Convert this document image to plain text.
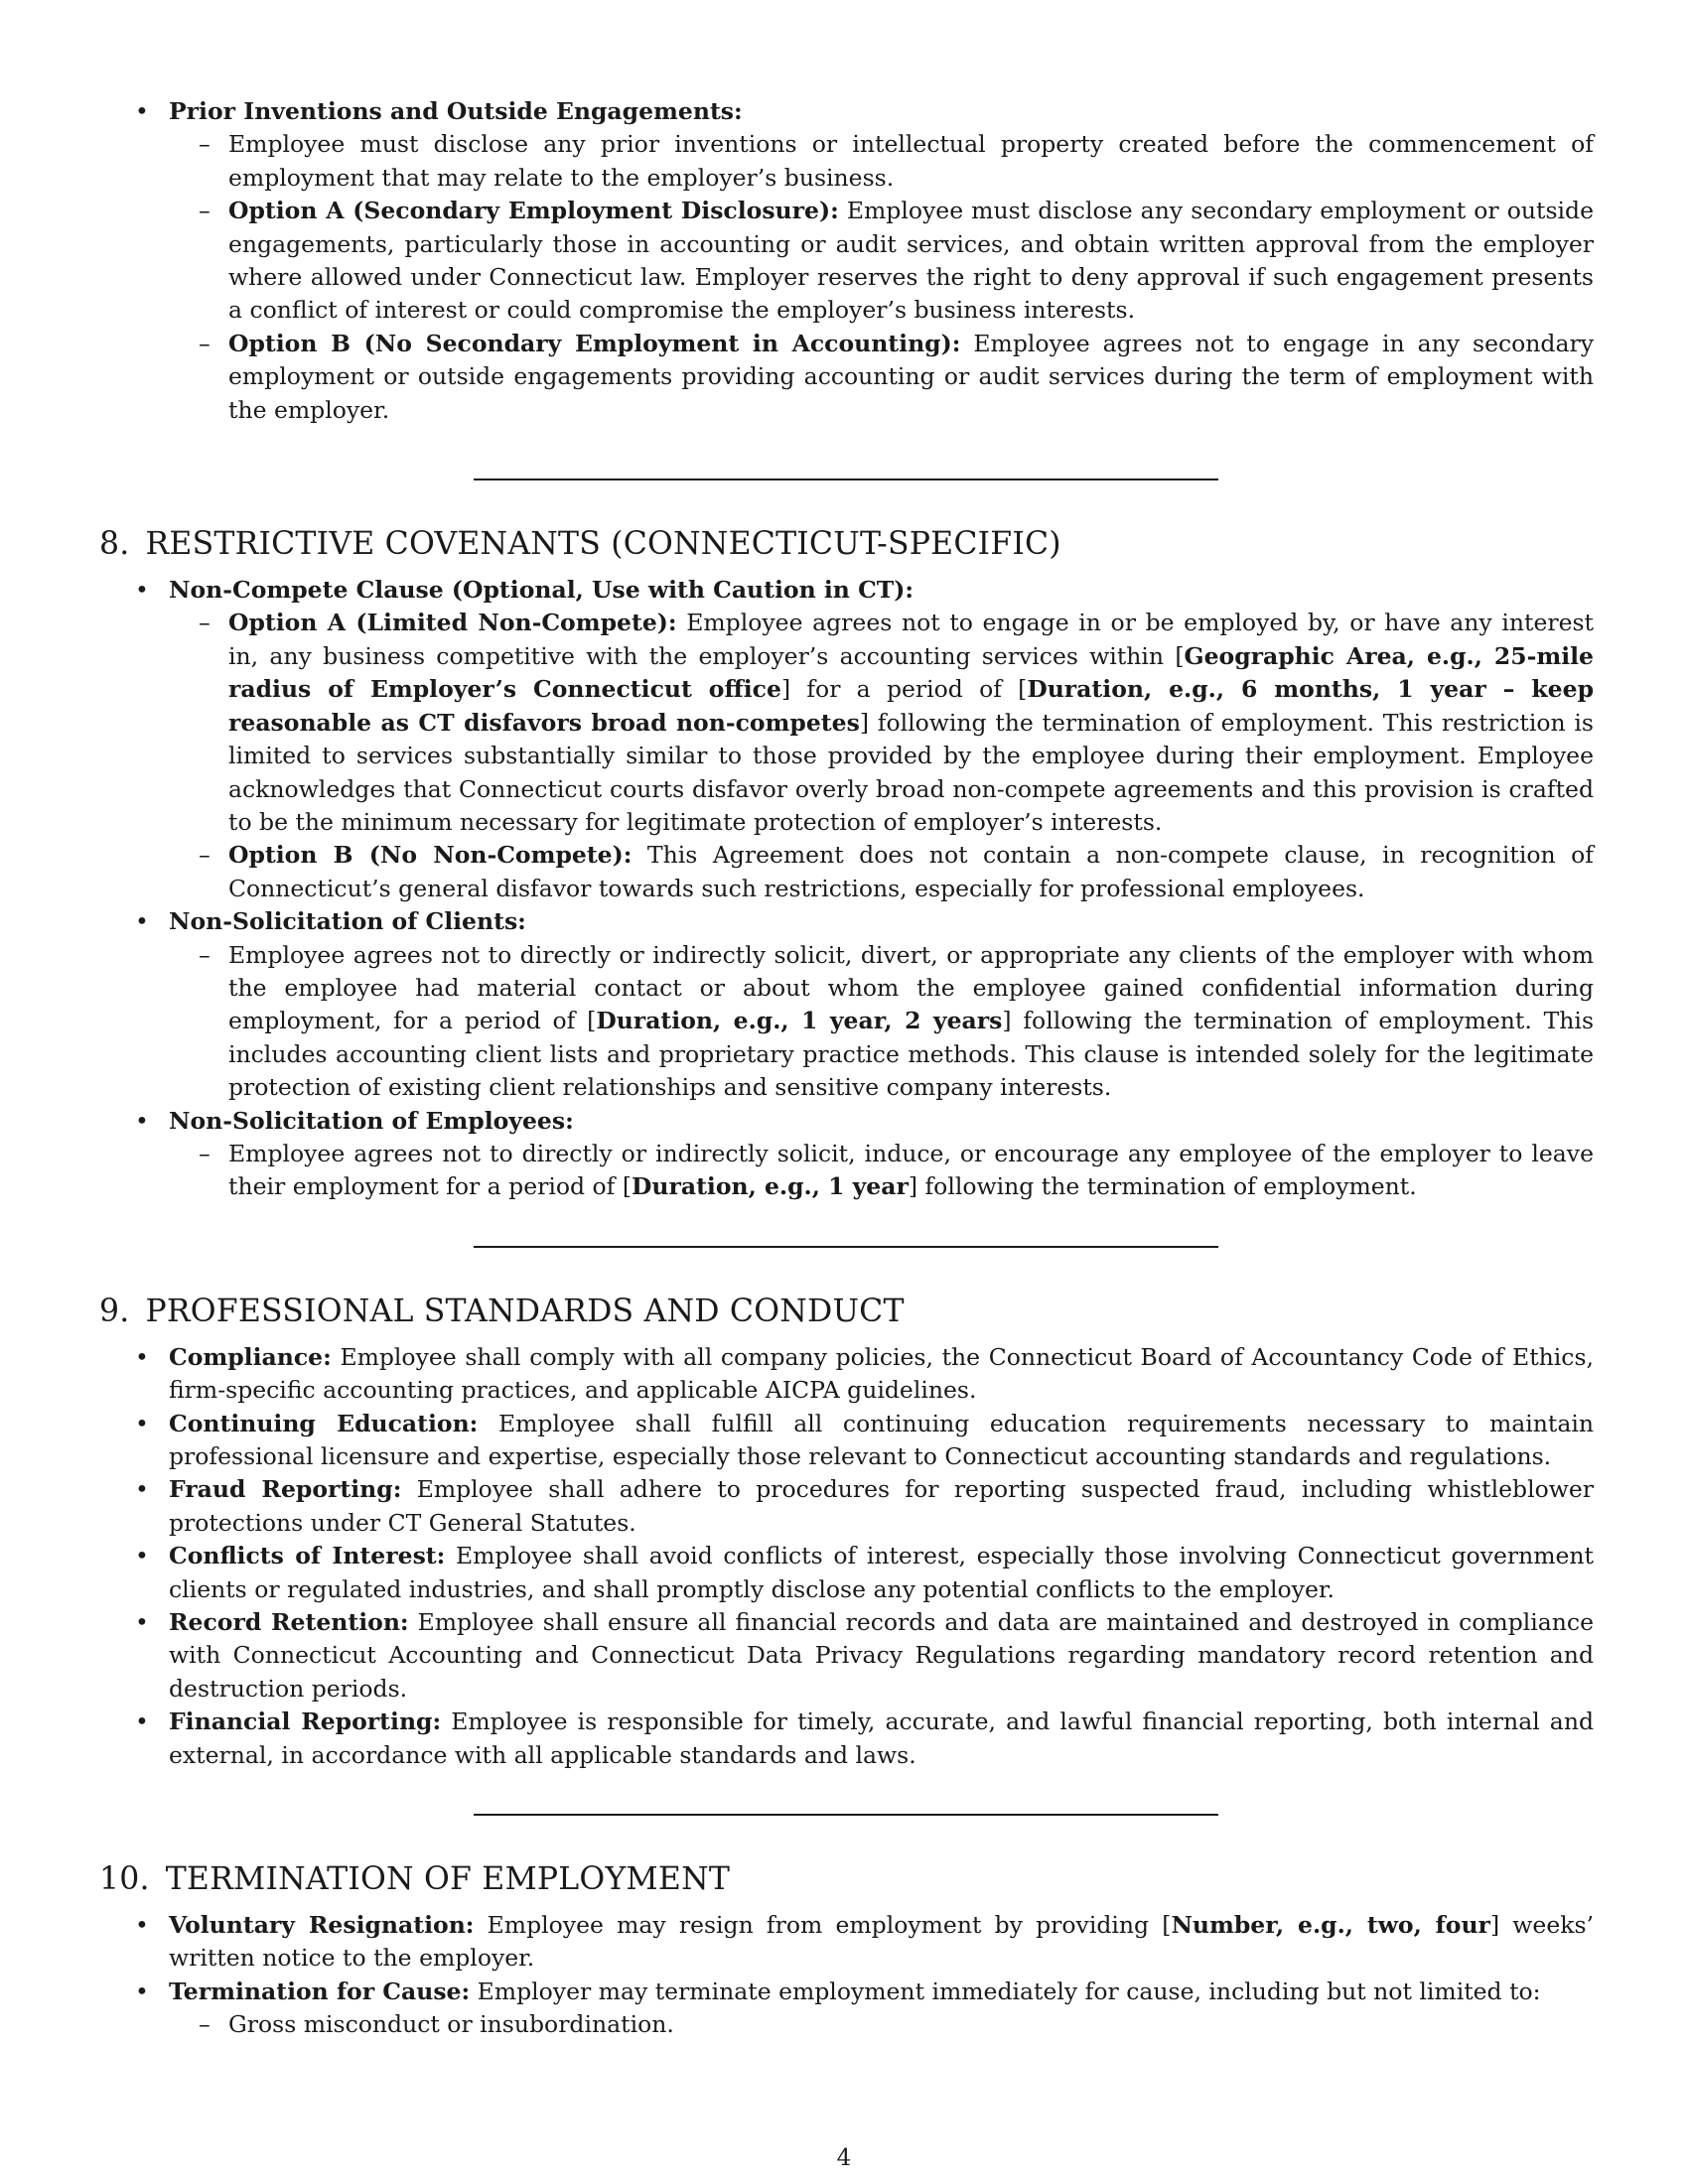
• Prior Inventions and Outside Engagements:
– Employee must disclose any prior inventions or intellectual property created before the commencement of employment that may relate to the employer’s business.
– Option A (Secondary Employment Disclosure): Employee must disclose any secondary employment or outside engagements, particularly those in accounting or audit services, and obtain written approval from the employer where allowed under Connecticut law. Employer reserves the right to deny approval if such engagement presents a conflict of interest or could compromise the employer’s business interests.
– Option B (No Secondary Employment in Accounting): Employee agrees not to engage in any secondary employment or outside engagements providing accounting or audit services during the term of employment with the employer.
8. RESTRICTIVE COVENANTS (CONNECTICUT-SPECIFIC)
• Non-Compete Clause (Optional, Use with Caution in CT):
– Option A (Limited Non-Compete): Employee agrees not to engage in or be employed by, or have any interest in, any business competitive with the employer’s accounting services within [Geographic Area, e.g., 25-mile radius of Employer’s Connecticut office] for a period of [Duration, e.g., 6 months, 1 year – keep reasonable as CT disfavors broad non-competes] following the termination of employment. This restriction is limited to services substantially similar to those provided by the employee during their employment. Employee acknowledges that Connecticut courts disfavor overly broad non-compete agreements and this provision is crafted to be the minimum necessary for legitimate protection of employer’s interests.
– Option B (No Non-Compete): This Agreement does not contain a non-compete clause, in recognition of Connecticut’s general disfavor towards such restrictions, especially for professional employees.
• Non-Solicitation of Clients:
– Employee agrees not to directly or indirectly solicit, divert, or appropriate any clients of the employer with whom the employee had material contact or about whom the employee gained confidential information during employment, for a period of [Duration, e.g., 1 year, 2 years] following the termination of employment. This includes accounting client lists and proprietary practice methods. This clause is intended solely for the legitimate protection of existing client relationships and sensitive company interests.
• Non-Solicitation of Employees:
– Employee agrees not to directly or indirectly solicit, induce, or encourage any employee of the employer to leave their employment for a period of [Duration, e.g., 1 year] following the termination of employment.
9. PROFESSIONAL STANDARDS AND CONDUCT
• Compliance: Employee shall comply with all company policies, the Connecticut Board of Accountancy Code of Ethics, firm-specific accounting practices, and applicable AICPA guidelines.
• Continuing Education: Employee shall fulfill all continuing education requirements necessary to maintain professional licensure and expertise, especially those relevant to Connecticut accounting standards and regulations.
• Fraud Reporting: Employee shall adhere to procedures for reporting suspected fraud, including whistleblower protections under CT General Statutes.
• Conflicts of Interest: Employee shall avoid conflicts of interest, especially those involving Connecticut government clients or regulated industries, and shall promptly disclose any potential conflicts to the employer.
• Record Retention: Employee shall ensure all financial records and data are maintained and destroyed in compliance with Connecticut Accounting and Connecticut Data Privacy Regulations regarding mandatory record retention and destruction periods.
• Financial Reporting: Employee is responsible for timely, accurate, and lawful financial reporting, both internal and external, in accordance with all applicable standards and laws.
10. TERMINATION OF EMPLOYMENT
• Voluntary Resignation: Employee may resign from employment by providing [Number, e.g., two, four] weeks’ written notice to the employer.
• Termination for Cause: Employer may terminate employment immediately for cause, including but not limited to:
– Gross misconduct or insubordination.
4
